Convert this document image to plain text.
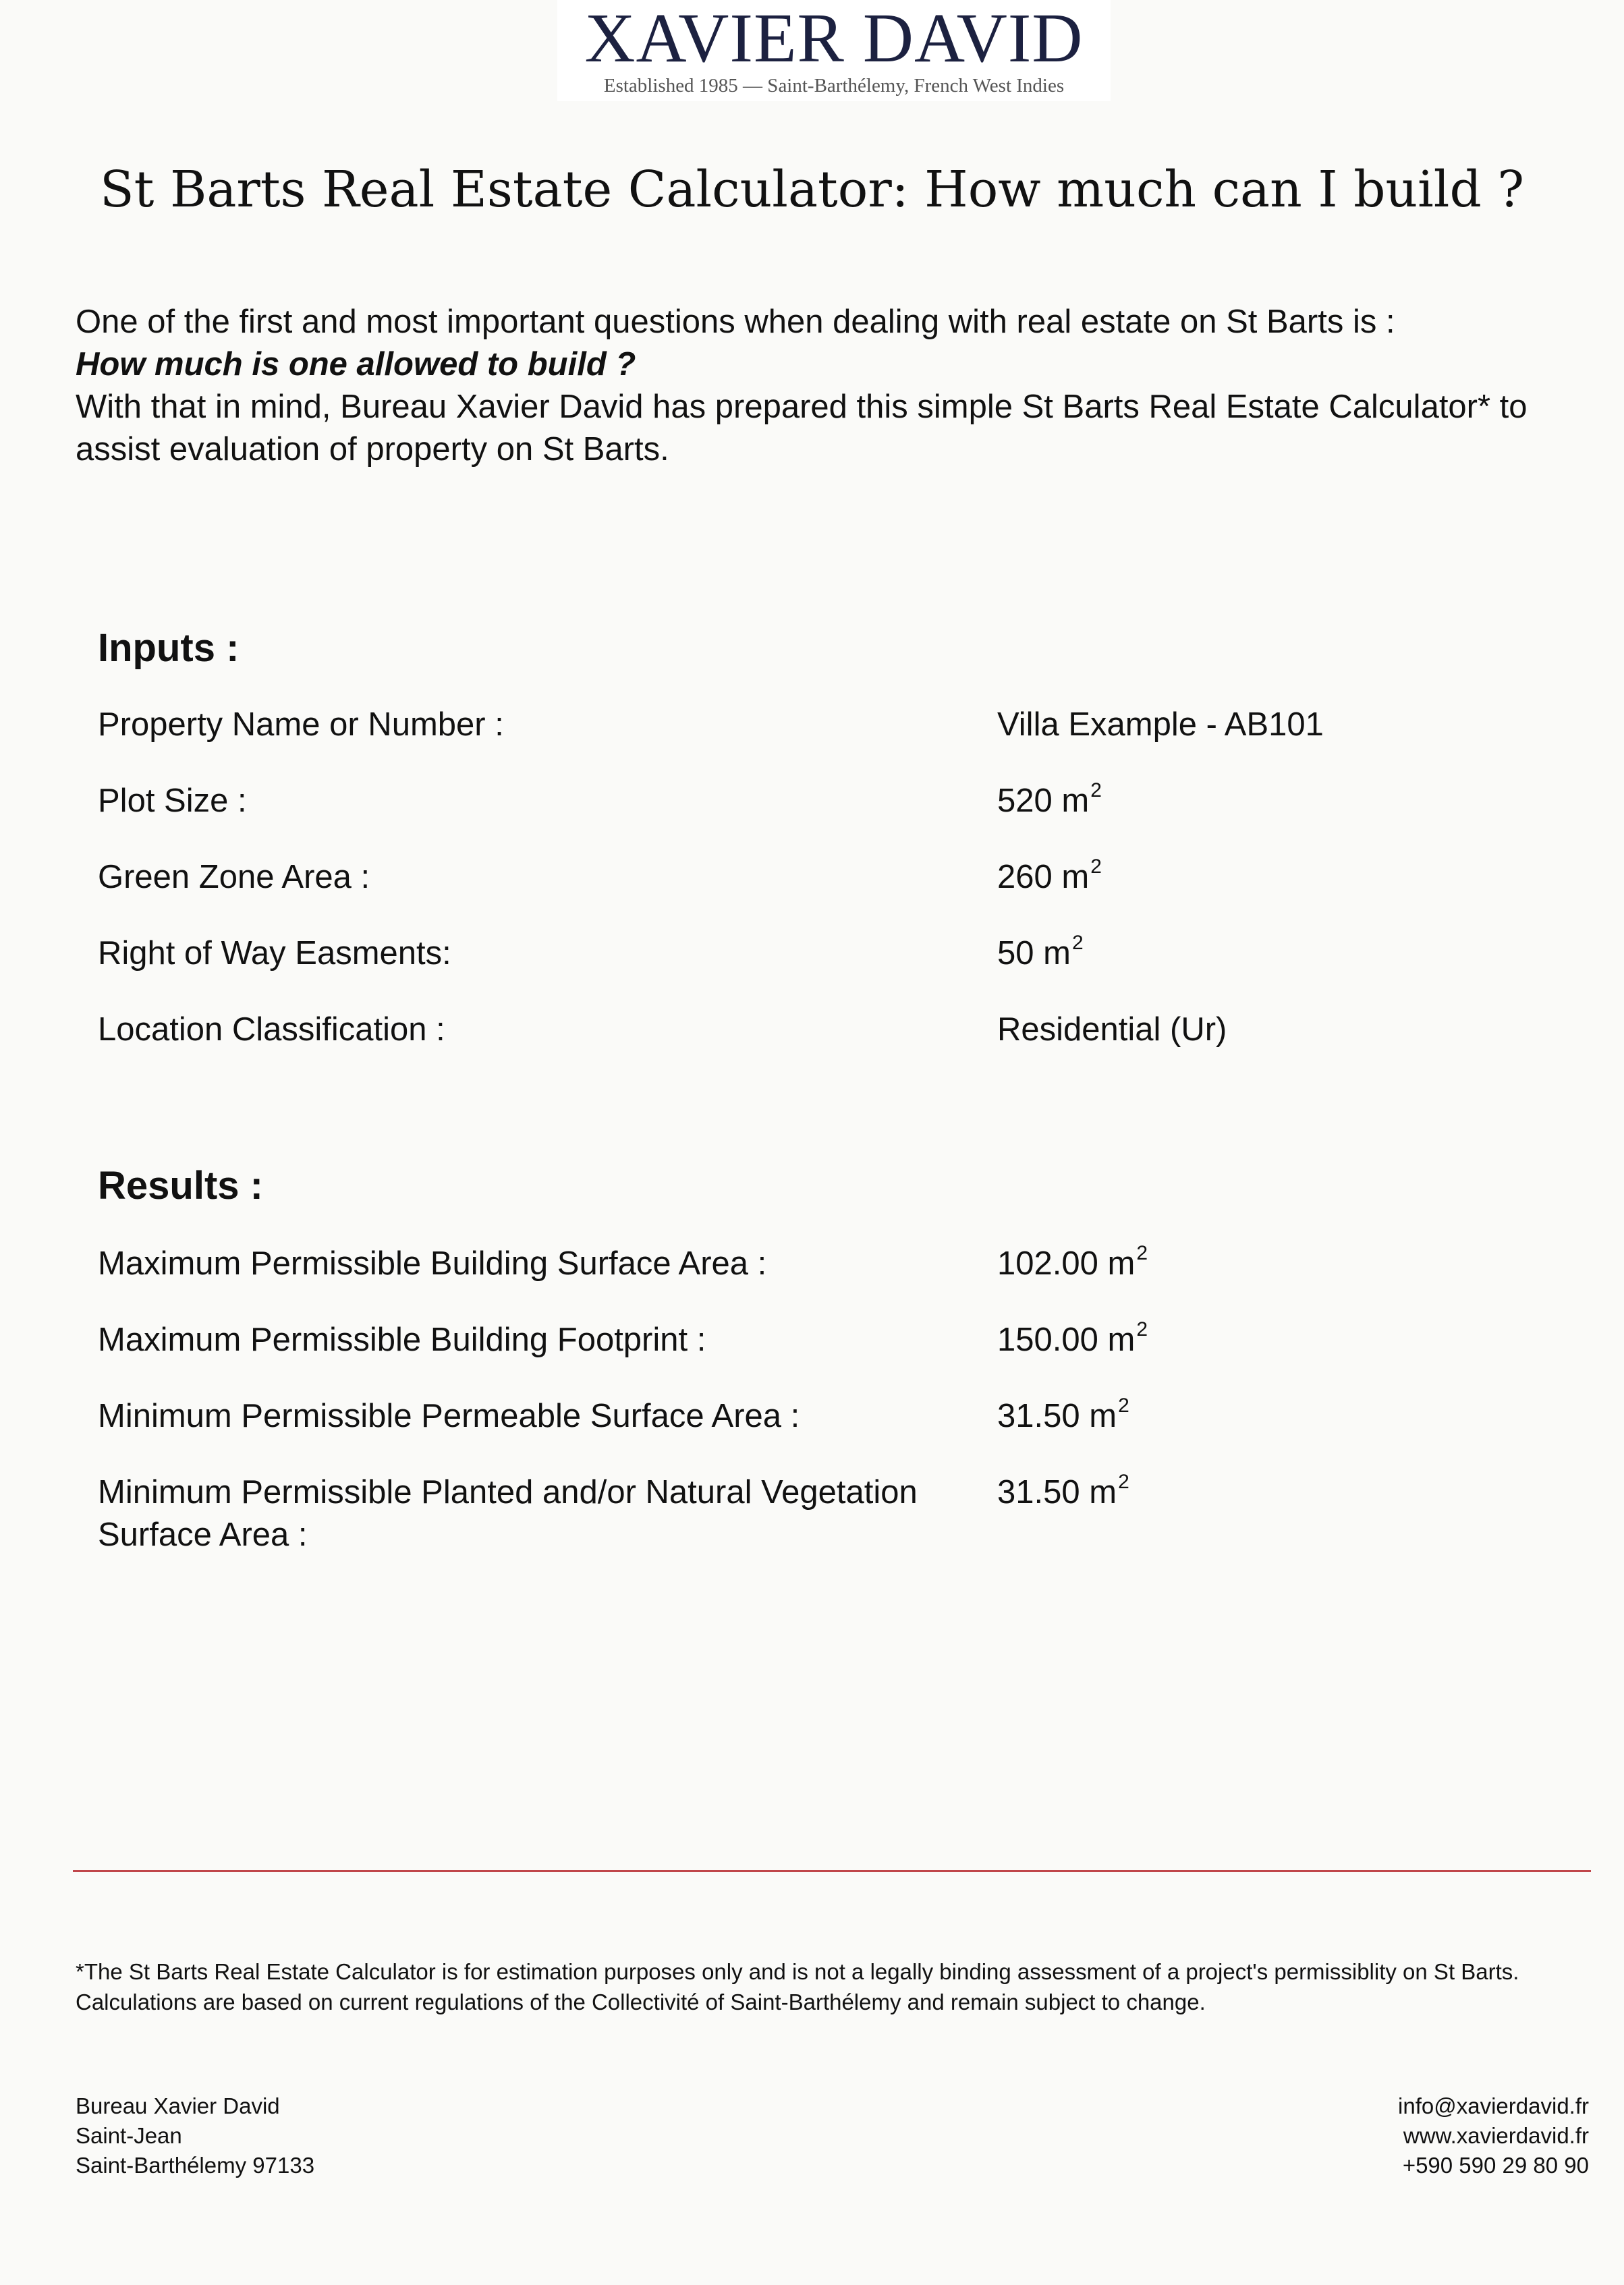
XAVIER DAVID
Established 1985 — Saint-Barthélemy, French West Indies
St Barts Real Estate Calculator: How much can I build ?

One of the first and most important questions when dealing with real estate on St Barts is :

How much is one allowed to build ?

With that in mind, Bureau Xavier David has prepared this simple St Barts Real Estate Calculator* to assist evaluation of property on St Barts.

Inputs :
Property Name or Number :	Villa Example - AB101
Plot Size :	520 $m^2$
Green Zone Area :	260 $m^2$
Right of Way Easments:	50 $m^2$
Location Classification :	Residential (Ur)
Results :
Maximum Permissible Building Surface Area :	102.00 $m^2$
Maximum Permissible Building Footprint :	150.00 $m^2$
Minimum Permissible Permeable Surface Area :	31.50 $m^2$
Minimum Permissible Planted and/or Natural Vegetation Surface Area :
31.50 $m^2$
*The St Barts Real Estate Calculator is for estimation purposes only and is not a legally binding assessment of a project's permissiblity on St Barts. Calculations are based on current regulations of the Collectivité of Saint-Barthélemy and remain subject to change.
Bureau Xavier David
Saint-Jean
Saint-Barthélemy 97133
info@xavierdavid.fr
www.xavierdavid.fr
+590 590 29 80 90
